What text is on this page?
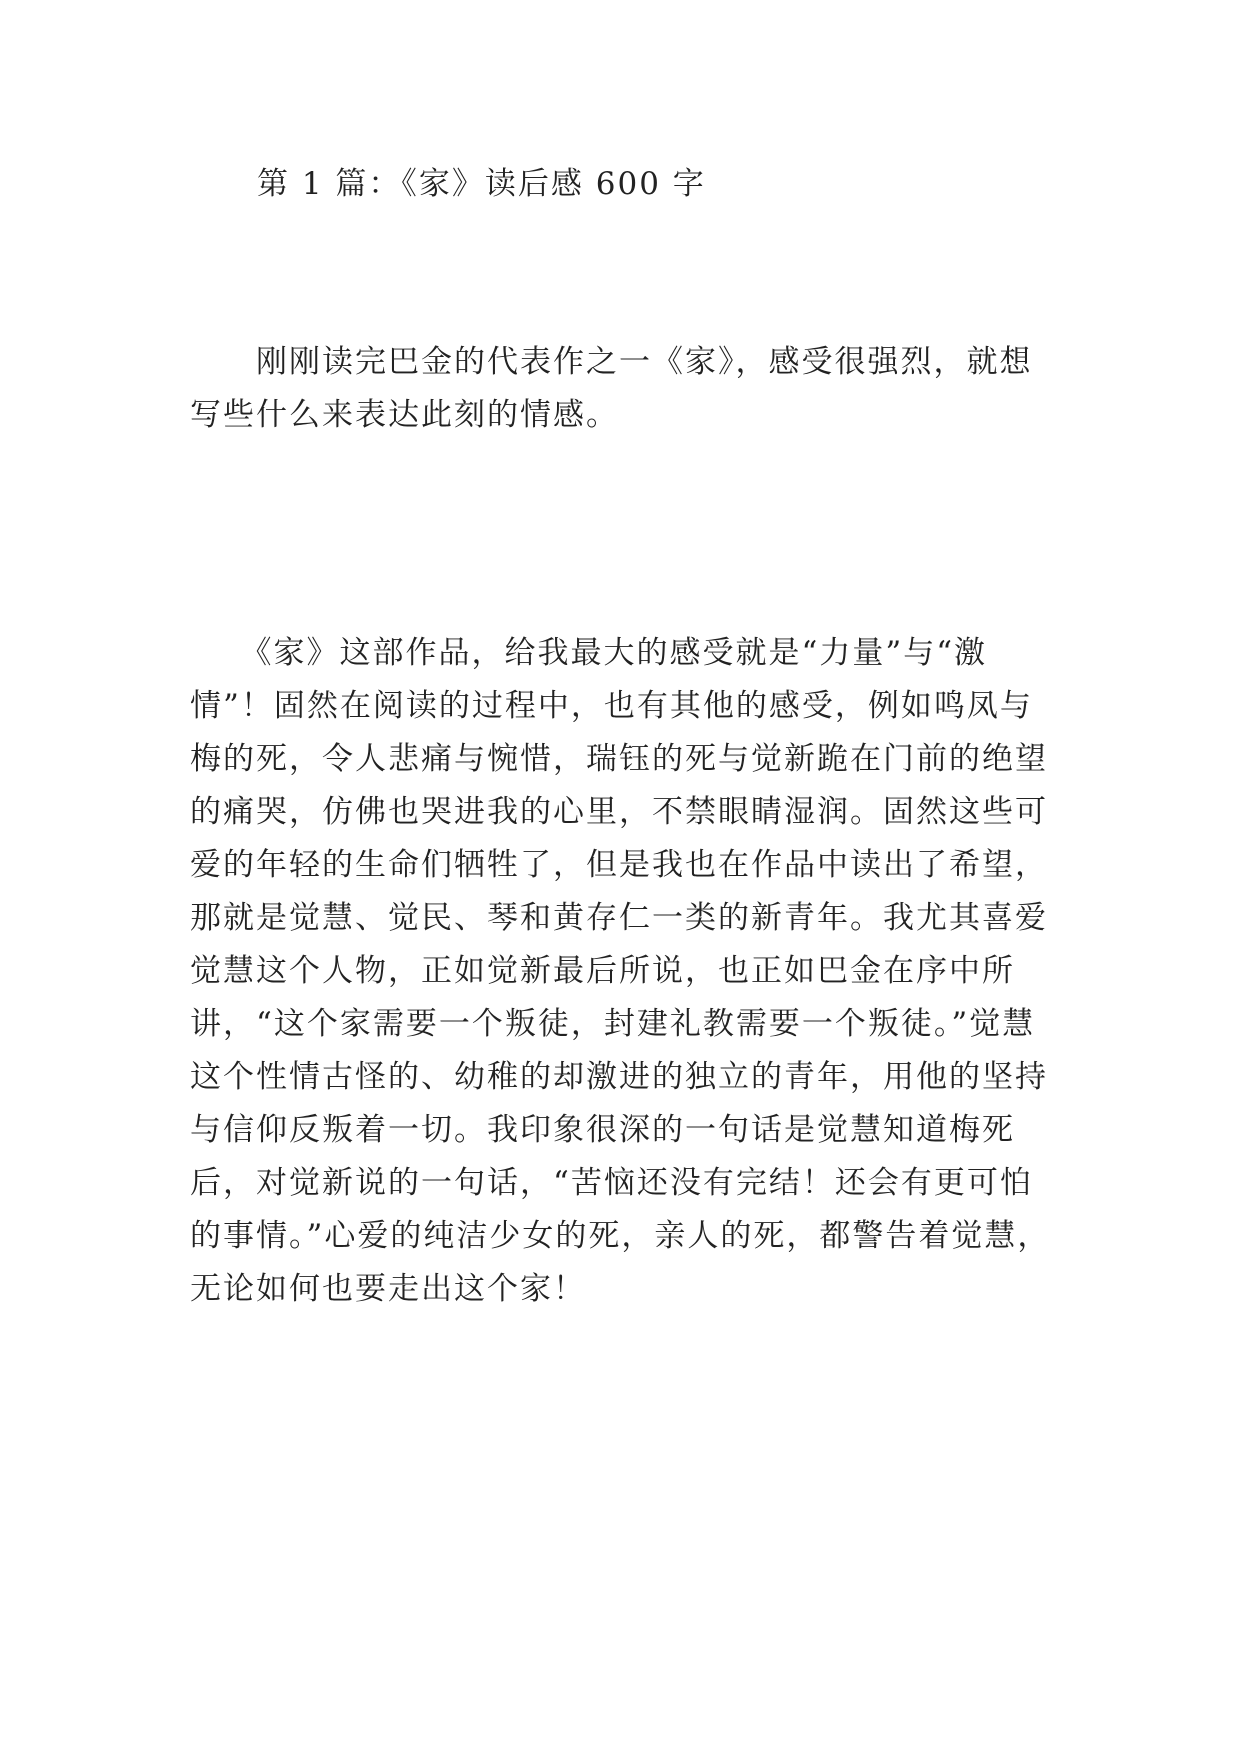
第 1 篇：《家》读后感 600 字
　　刚刚读完巴金的代表作之一《家》，感受很强烈，就想写些什么来表达此刻的情感。
　　《家》这部作品，给我最大的感受就是“力量”与“激情”！固然在阅读的过程中，也有其他的感受，例如鸣凤与梅的死，令人悲痛与惋惜，瑞钰的死与觉新跪在门前的绝望的痛哭，仿佛也哭进我的心里，不禁眼睛湿润。固然这些可爱的年轻的生命们牺牲了，但是我也在作品中读出了希望，那就是觉慧、觉民、琴和黄存仁一类的新青年。我尤其喜爱觉慧这个人物，正如觉新最后所说，也正如巴金在序中所讲，“这个家需要一个叛徒，封建礼教需要一个叛徒。”觉慧这个性情古怪的、幼稚的却激进的独立的青年，用他的坚持与信仰反叛着一切。我印象很深的一句话是觉慧知道梅死后，对觉新说的一句话，“苦恼还没有完结！还会有更可怕的事情。”心爱的纯洁少女的死，亲人的死，都警告着觉慧，无论如何也要走出这个家！
